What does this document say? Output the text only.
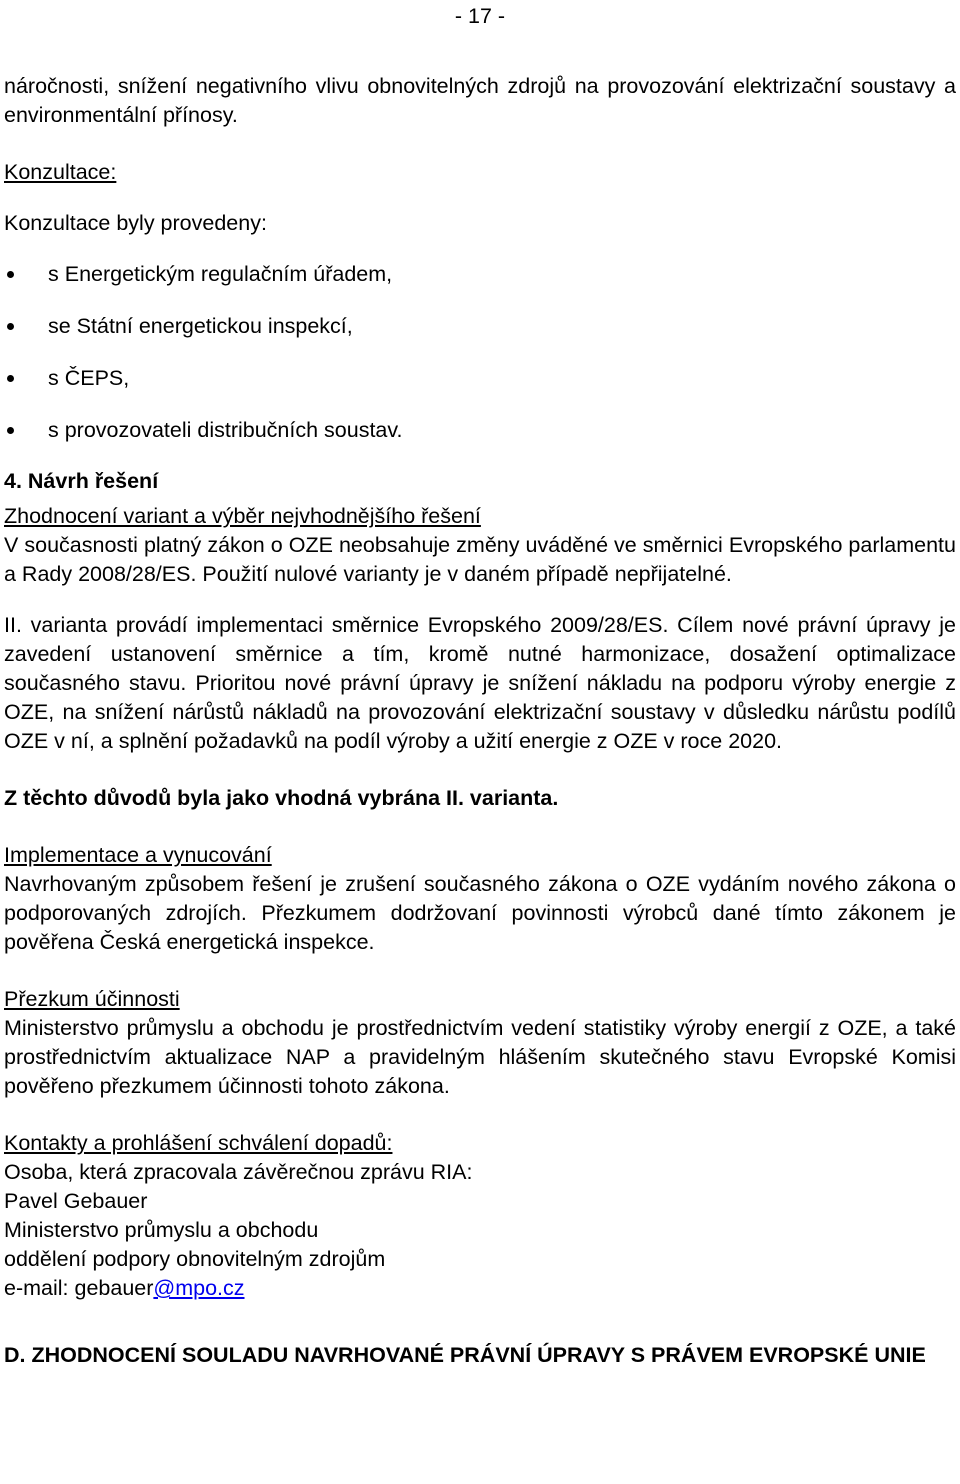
- 17 -

náročnosti, snížení negativního vlivu obnovitelných zdrojů na provozování elektrizační soustavy a environmentální přínosy.

Konzultace:

Konzultace byly provedeny:

s Energetickým regulačním úřadem,
se Státní energetickou inspekcí,
s ČEPS,
s provozovateli distribučních soustav.

4. Návrh řešení

Zhodnocení variant a výběr nejvhodnějšího řešení

V současnosti platný zákon o OZE neobsahuje změny uváděné ve směrnici Evropského parlamentu a Rady 2008/28/ES. Použití nulové varianty je v daném případě nepřijatelné.

II. varianta provádí implementaci směrnice Evropského 2009/28/ES. Cílem nové právní úpravy je zavedení ustanovení směrnice a tím, kromě nutné harmonizace, dosažení optimalizace současného stavu. Prioritou nové právní úpravy je snížení nákladu na podporu výroby energie z OZE, na snížení nárůstů nákladů na provozování elektrizační soustavy v důsledku nárůstu podílů OZE v ní, a splnění požadavků na podíl výroby a užití energie z OZE v roce 2020.

Z těchto důvodů byla jako vhodná vybrána II. varianta.

Implementace a vynucování

Navrhovaným způsobem řešení je zrušení současného zákona o OZE vydáním nového zákona o podporovaných zdrojích. Přezkumem dodržovaní povinnosti výrobců dané tímto zákonem je pověřena Česká energetická inspekce.

Přezkum účinnosti

Ministerstvo průmyslu a obchodu je prostřednictvím vedení statistiky výroby energií z OZE, a také prostřednictvím aktualizace NAP a pravidelným hlášením skutečného stavu Evropské Komisi pověřeno přezkumem účinnosti tohoto zákona.

Kontakty a prohlášení schválení dopadů:

Osoba, která zpracovala závěrečnou zprávu RIA:

Pavel Gebauer

Ministerstvo průmyslu a obchodu

oddělení podpory obnovitelným zdrojům

e-mail: gebauer@mpo.cz

D. ZHODNOCENÍ SOULADU NAVRHOVANÉ PRÁVNÍ ÚPRAVY S PRÁVEM EVROPSKÉ UNIE
